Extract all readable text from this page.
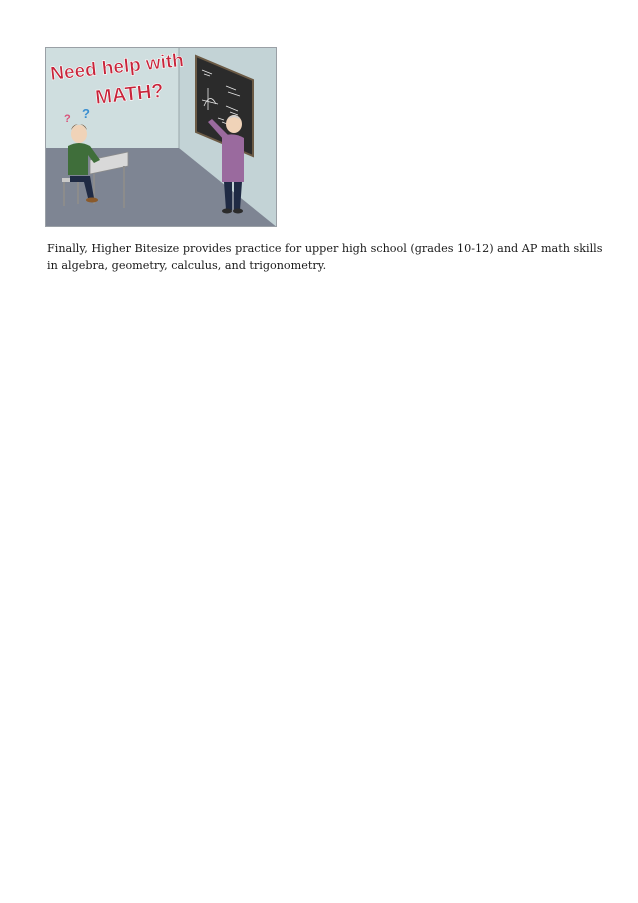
Need help with
MATH?
? ?

Finally, Higher Bitesize provides practice for upper high school (grades 10-12) and AP math skills in algebra, geometry, calculus, and trigonometry.
